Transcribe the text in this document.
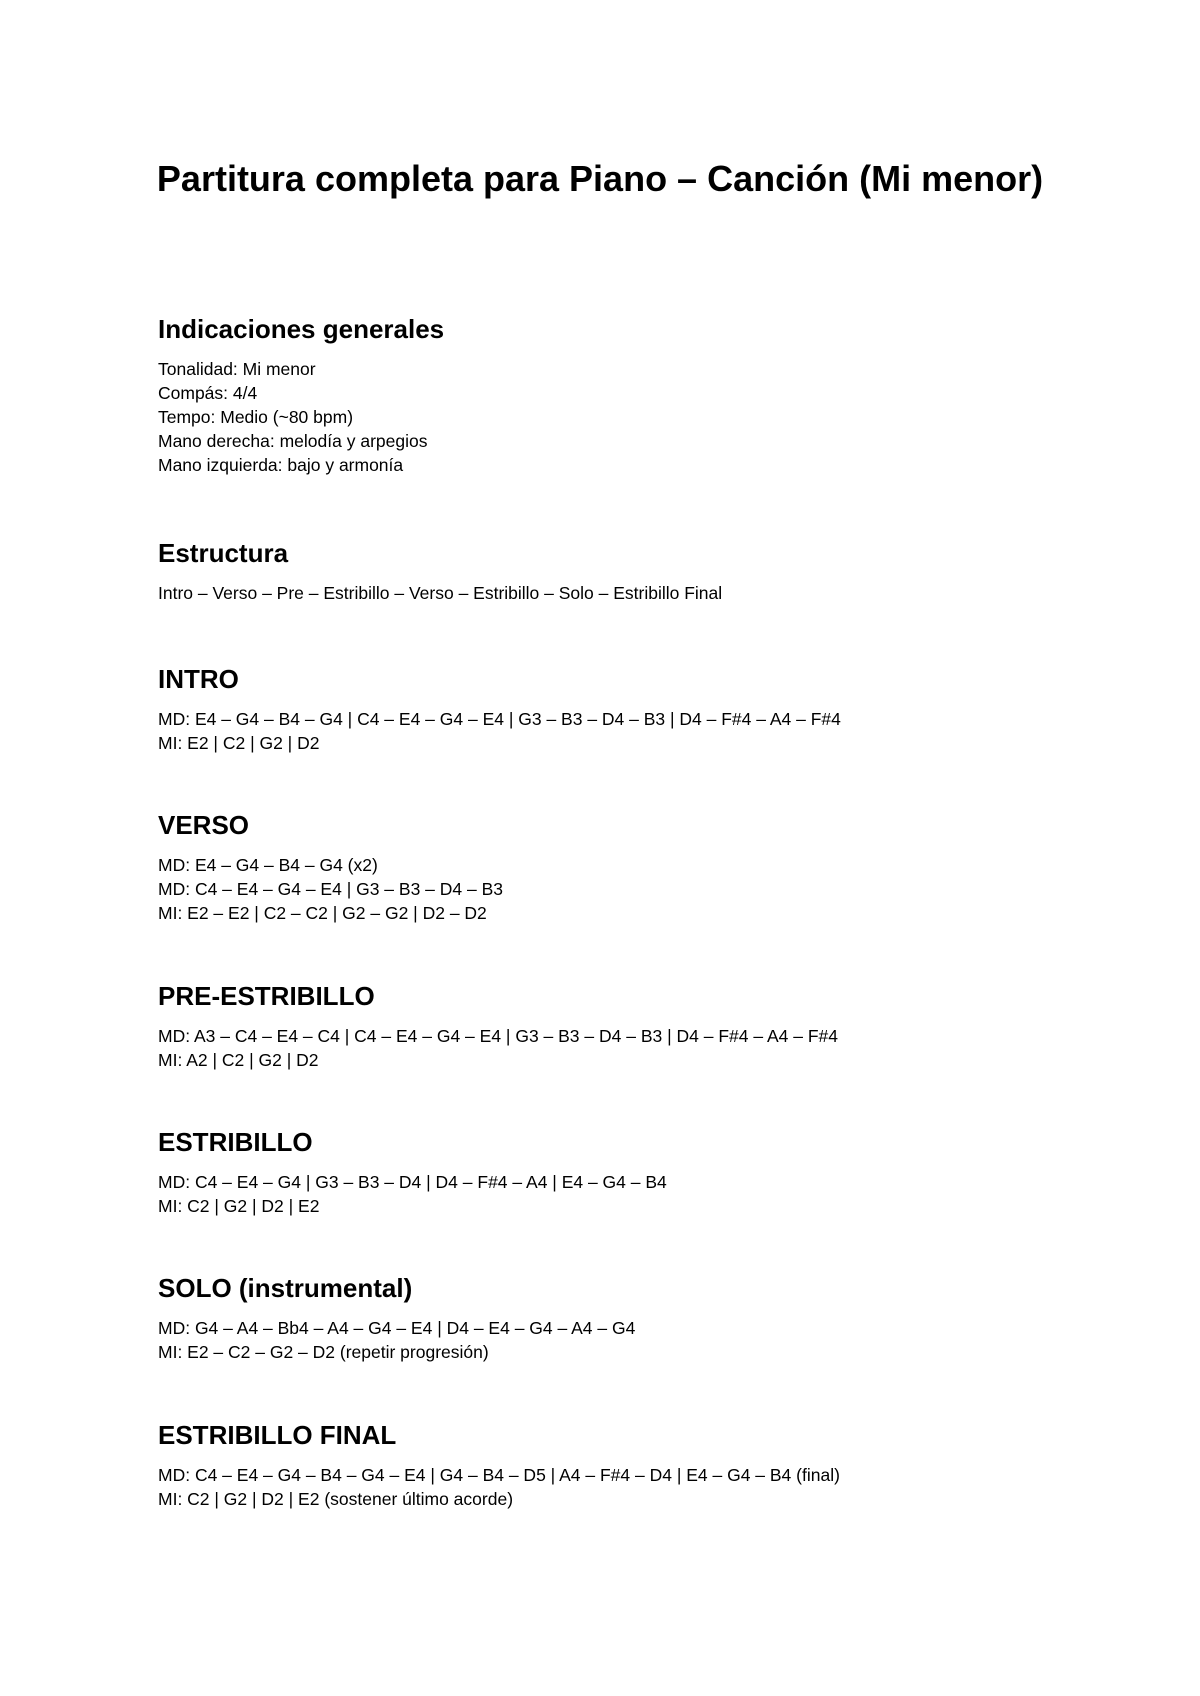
Partitura completa para Piano – Canción (Mi menor)
Indicaciones generales
Tonalidad: Mi menor
Compás: 4/4
Tempo: Medio (~80 bpm)
Mano derecha: melodía y arpegios
Mano izquierda: bajo y armonía
Estructura
Intro – Verso – Pre – Estribillo – Verso – Estribillo – Solo – Estribillo Final
INTRO
MD: E4 – G4 – B4 – G4 | C4 – E4 – G4 – E4 | G3 – B3 – D4 – B3 | D4 – F#4 – A4 – F#4
MI: E2 | C2 | G2 | D2
VERSO
MD: E4 – G4 – B4 – G4 (x2)
MD: C4 – E4 – G4 – E4 | G3 – B3 – D4 – B3
MI: E2 – E2 | C2 – C2 | G2 – G2 | D2 – D2
PRE-ESTRIBILLO
MD: A3 – C4 – E4 – C4 | C4 – E4 – G4 – E4 | G3 – B3 – D4 – B3 | D4 – F#4 – A4 – F#4
MI: A2 | C2 | G2 | D2
ESTRIBILLO
MD: C4 – E4 – G4 | G3 – B3 – D4 | D4 – F#4 – A4 | E4 – G4 – B4
MI: C2 | G2 | D2 | E2
SOLO (instrumental)
MD: G4 – A4 – Bb4 – A4 – G4 – E4 | D4 – E4 – G4 – A4 – G4
MI: E2 – C2 – G2 – D2 (repetir progresión)
ESTRIBILLO FINAL
MD: C4 – E4 – G4 – B4 – G4 – E4 | G4 – B4 – D5 | A4 – F#4 – D4 | E4 – G4 – B4 (final)
MI: C2 | G2 | D2 | E2 (sostener último acorde)
